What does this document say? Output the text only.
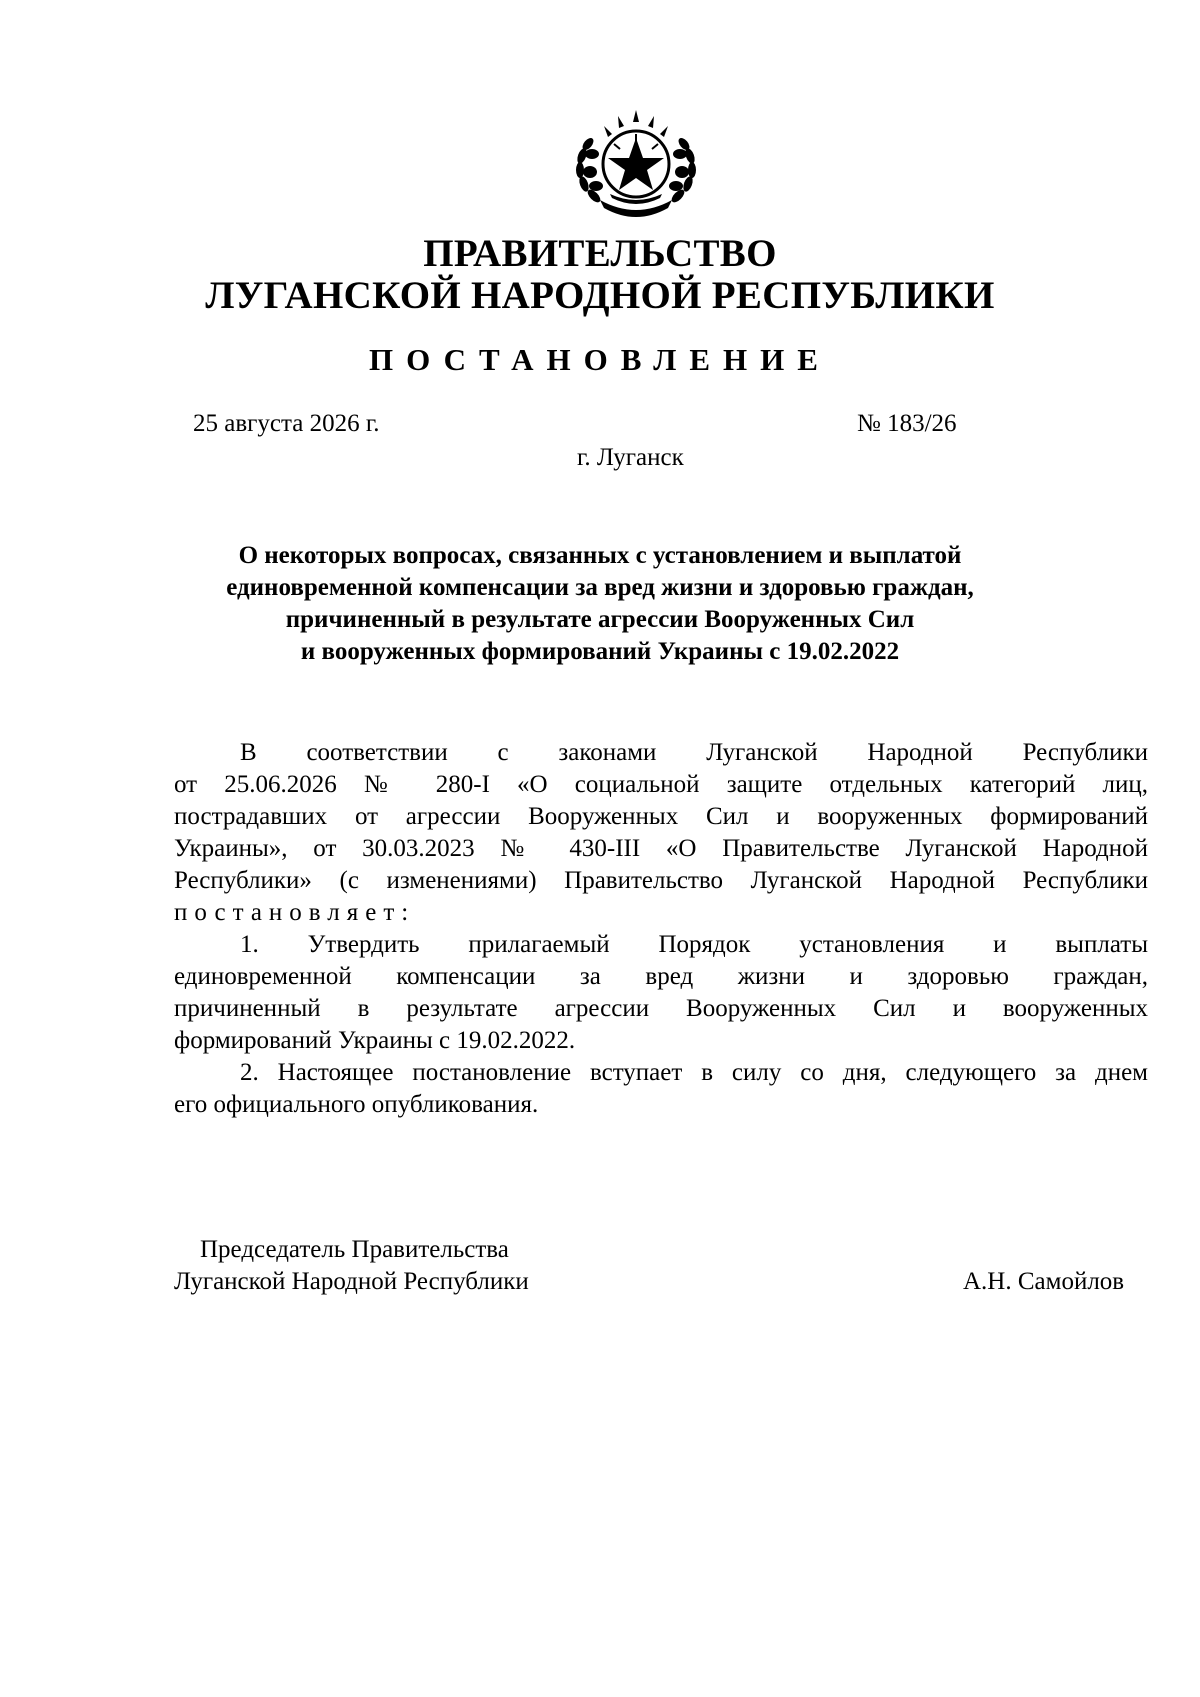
ПРАВИТЕЛЬСТВО
ЛУГАНСКОЙ НАРОДНОЙ РЕСПУБЛИКИ
ПОСТАНОВЛЕНИЕ
25 августа 2026 г.	№ 183/26
г. Луганск
О некоторых вопросах, связанных с установлением и выплатой
единовременной компенсации за вред жизни и здоровью граждан,
причиненный в результате агрессии Вооруженных Сил
и вооруженных формирований Украины с 19.02.2022
В соответствии с законами Луганской Народной Республики
от 25.06.2026 № 280-I «О социальной защите отдельных категорий лиц,
пострадавших от агрессии Вооруженных Сил и вооруженных формирований
Украины», от 30.03.2023 № 430-III «О Правительстве Луганской Народной
Республики» (с изменениями) Правительство Луганской Народной Республики
постановляет:
1. Утвердить прилагаемый Порядок установления и выплаты
единовременной компенсации за вред жизни и здоровью граждан,
причиненный в результате агрессии Вооруженных Сил и вооруженных
формирований Украины с 19.02.2022.
2. Настоящее постановление вступает в силу со дня, следующего за днем
его официального опубликования.
Председатель Правительства
Луганской Народной Республики	А.Н. Самойлов
